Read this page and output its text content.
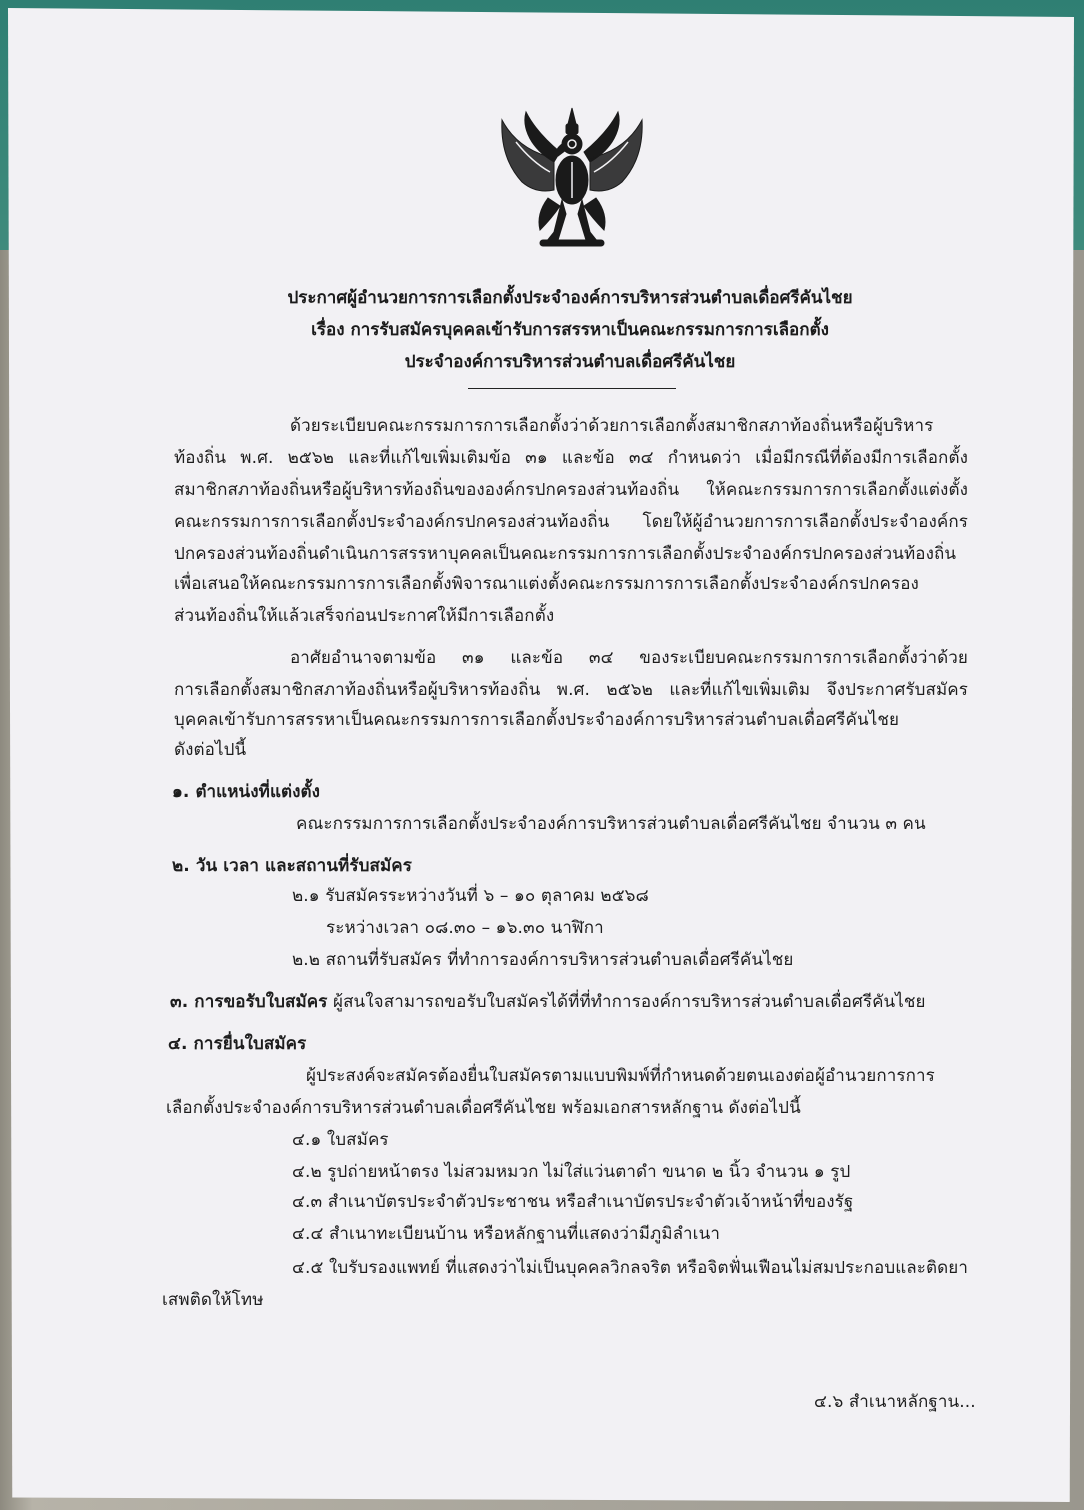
ประกาศผู้อำนวยการการเลือกตั้งประจำองค์การบริหารส่วนตำบลเดื่อศรีคันไชย
เรื่อง การรับสมัครบุคคลเข้ารับการสรรหาเป็นคณะกรรมการการเลือกตั้ง
ประจำองค์การบริหารส่วนตำบลเดื่อศรีคันไชย
ด้วยระเบียบคณะกรรมการการเลือกตั้งว่าด้วยการเลือกตั้งสมาชิกสภาท้องถิ่นหรือผู้บริหาร
ท้องถิ่น พ.ศ. ๒๕๖๒ และที่แก้ไขเพิ่มเติมข้อ ๓๑ และข้อ ๓๔ กำหนดว่า เมื่อมีกรณีที่ต้องมีการเลือกตั้ง
สมาชิกสภาท้องถิ่นหรือผู้บริหารท้องถิ่นขององค์กรปกครองส่วนท้องถิ่น ให้คณะกรรมการการเลือกตั้งแต่งตั้ง
คณะกรรมการการเลือกตั้งประจำองค์กรปกครองส่วนท้องถิ่น โดยให้ผู้อำนวยการการเลือกตั้งประจำองค์กร
ปกครองส่วนท้องถิ่นดำเนินการสรรหาบุคคลเป็นคณะกรรมการการเลือกตั้งประจำองค์กรปกครองส่วนท้องถิ่น
เพื่อเสนอให้คณะกรรมการการเลือกตั้งพิจารณาแต่งตั้งคณะกรรมการการเลือกตั้งประจำองค์กรปกครอง
ส่วนท้องถิ่นให้แล้วเสร็จก่อนประกาศให้มีการเลือกตั้ง
อาศัยอำนาจตามข้อ ๓๑ และข้อ ๓๔ ของระเบียบคณะกรรมการการเลือกตั้งว่าด้วย
การเลือกตั้งสมาชิกสภาท้องถิ่นหรือผู้บริหารท้องถิ่น พ.ศ. ๒๕๖๒ และที่แก้ไขเพิ่มเติม จึงประกาศรับสมัคร
บุคคลเข้ารับการสรรหาเป็นคณะกรรมการการเลือกตั้งประจำองค์การบริหารส่วนตำบลเดื่อศรีคันไชย
ดังต่อไปนี้
๑. ตำแหน่งที่แต่งตั้ง
คณะกรรมการการเลือกตั้งประจำองค์การบริหารส่วนตำบลเดื่อศรีคันไชย จำนวน ๓ คน
๒. วัน เวลา และสถานที่รับสมัคร
๒.๑ รับสมัครระหว่างวันที่ ๖ – ๑๐ ตุลาคม ๒๕๖๘
ระหว่างเวลา ๐๘.๓๐ – ๑๖.๓๐ นาฬิกา
๒.๒ สถานที่รับสมัคร ที่ทำการองค์การบริหารส่วนตำบลเดื่อศรีคันไชย
๓. การขอรับใบสมัคร ผู้สนใจสามารถขอรับใบสมัครได้ที่ที่ทำการองค์การบริหารส่วนตำบลเดื่อศรีคันไชย
๔. การยื่นใบสมัคร
ผู้ประสงค์จะสมัครต้องยื่นใบสมัครตามแบบพิมพ์ที่กำหนดด้วยตนเองต่อผู้อำนวยการการ
เลือกตั้งประจำองค์การบริหารส่วนตำบลเดื่อศรีคันไชย พร้อมเอกสารหลักฐาน ดังต่อไปนี้
๔.๑ ใบสมัคร
๔.๒ รูปถ่ายหน้าตรง ไม่สวมหมวก ไม่ใส่แว่นตาดำ ขนาด ๒ นิ้ว จำนวน ๑ รูป
๔.๓ สำเนาบัตรประจำตัวประชาชน หรือสำเนาบัตรประจำตัวเจ้าหน้าที่ของรัฐ
๔.๔ สำเนาทะเบียนบ้าน หรือหลักฐานที่แสดงว่ามีภูมิลำเนา
๔.๕ ใบรับรองแพทย์ ที่แสดงว่าไม่เป็นบุคคลวิกลจริต หรือจิตฟั่นเฟือนไม่สมประกอบและติดยา
เสพติดให้โทษ
๔.๖ สำเนาหลักฐาน...
